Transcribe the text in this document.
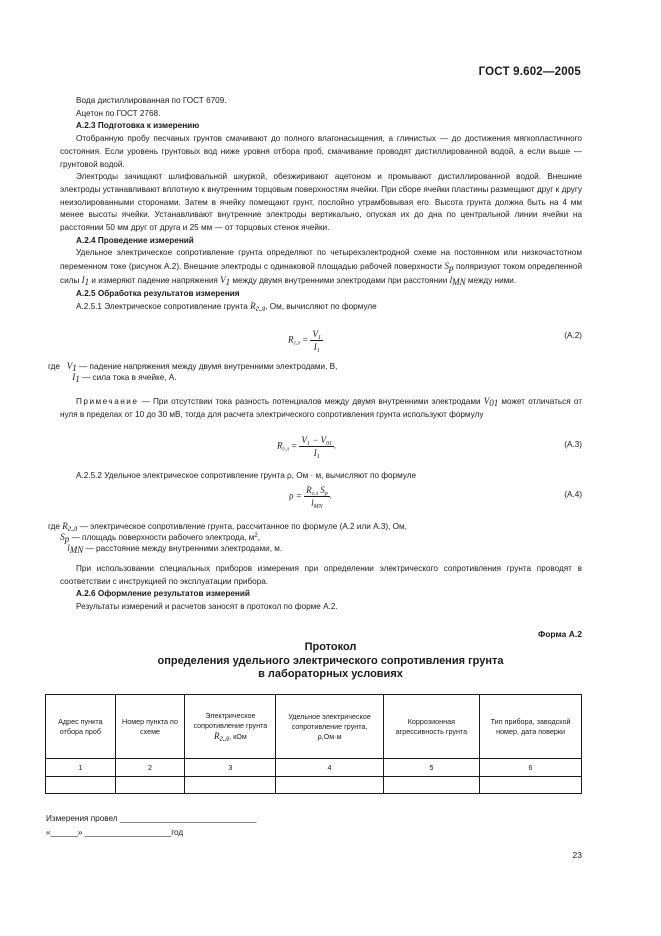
ГОСТ 9.602—2005

Вода дистиллированная по ГОСТ 6709.

Ацетон по ГОСТ 2768.

А.2.3 Подготовка к измерению

Отобранную пробу песчаных грунтов смачивают до полного влагонасыщения, а глинистых — до достижения мягкопластичного состояния. Если уровень грунтовых вод ниже уровня отбора проб, смачивание проводят дистиллированной водой, а если выше — грунтовой водой.

Электроды зачищают шлифовальной шкуркой, обезжиривают ацетоном и промывают дистиллированной водой. Внешние электроды устанавливают вплотную к внутренним торцовым поверхностям ячейки. При сборе ячейки пластины размещают друг к другу неизолированными сторонами. Затем в ячейку помещают грунт, послойно утрамбовывая его. Высота грунта должна быть на 4 мм менее высоты ячейки. Устанавливают внутренние электроды вертикально, опуская их до дна по центральной линии ячейки на расстоянии 50 мм друг от друга и 25 мм — от торцовых стенок ячейки.

А.2.4 Проведение измерений

Удельное электрическое сопротивление грунта определяют по четырехэлектродной схеме на постоянном или низкочастотном переменном токе (рисунок А.2). Внешние электроды с одинаковой площадью рабочей поверхности $S_р$ поляризуют током определенной силы $I_1$ и измеряют падение напряжения $V_1$ между двумя внутренними электродами при расстоянии $l_{MN}$ между ними.

А.2.5 Обработка результатов измерения

А.2.5.1 Электрическое сопротивление грунта $R_{г.л}$, Ом, вычисляют по формуле

$R_{г.л} = \frac{V_1}{I_1}$	(А.2)
где $V_1$ — падение напряжения между двумя внутренними электродами, В,
$I_1$ — сила тока в ячейке, А.

Примечание — При отсутствии тока разность потенциалов между двумя внутренними электродами $V_{01}$ может отличаться от нуля в пределах от 10 до 30 мВ, тогда для расчета электрического сопротивления грунта используют формулу

$R_{г.л} = \frac{V_1 - V_{01}}{I_1}$ .	(А.3)

А.2.5.2 Удельное электрическое сопротивление грунта ρ, Ом · м, вычисляют по формуле

$\rho = \frac{R_{г.л} S_р}{l_{MN}}$ .	(А.4)
где $R_{г.л}$ — электрическое сопротивление грунта, рассчитанное по формуле (А.2 или А.3), Ом,
$S_р$ — площадь поверхности рабочего электрода, $м^2$,
$l_{MN}$ — расстояние между внутренними электродами, м.

При использовании специальных приборов измерения при определении электрического сопротивления грунта проводят в соответствии с инструкцией по эксплуатации прибора.

А.2.6 Оформление результатов измерений

Результаты измерений и расчетов заносят в протокол по форме А.2.

Форма А.2
Протокол
определения удельного электрического сопротивления грунта
в лабораторных условиях
Адрес пункта отбора проб	Номер пункта по схеме	Электрическое сопротивление грунта
$R_{г.л}$, кОм	Удельное электрическое сопротивление грунта, ρ,Ом·м	Коррозионная агрессивность грунта	Тип прибора, заводской номер, дата поверки
1	2	3	4	5	6

Измерения провел ______________________________
«______» ___________________год
23
